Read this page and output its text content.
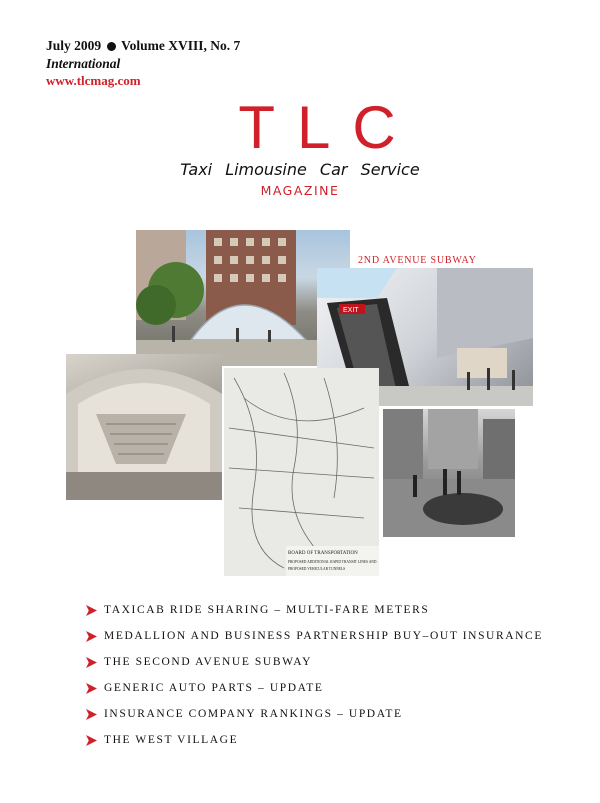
July 2009 Volume XVIII, No. 7
International
www.tlcmag.com
TLC
Taxi Limousine Car Service
MAGAZINE
EXIT
BOARD OF TRANSPORTATION
PROPOSED ADDITIONAL RAPID TRANSIT LINES AND
PROPOSED VEHICULAR TUNNELS
2ND AVENUE SUBWAY
TAXICAB RIDE SHARING – MULTI-FARE METERS
MEDALLION AND BUSINESS PARTNERSHIP BUY–OUT INSURANCE
THE SECOND AVENUE SUBWAY
GENERIC AUTO PARTS – UPDATE
INSURANCE COMPANY RANKINGS – UPDATE
THE WEST VILLAGE
